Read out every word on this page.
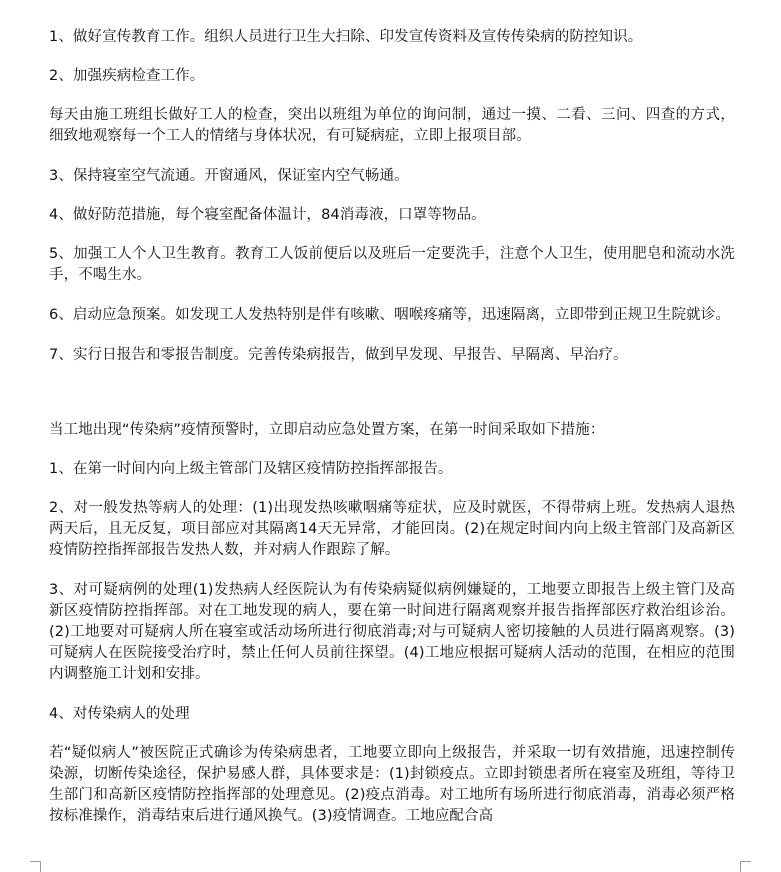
1、做好宣传教育工作。组织人员进行卫生大扫除、印发宣传资料及宣传传染病的防控知识。

2、加强疾病检查工作。

每天由施工班组长做好工人的检查，突出以班组为单位的询问制，通过一摸、二看、三问、四查的方式，细致地观察每一个工人的情绪与身体状况，有可疑病症，立即上报项目部。

3、保持寝室空气流通。开窗通风，保证室内空气畅通。

4、做好防范措施，每个寝室配备体温计，84消毒液，口罩等物品。

5、加强工人个人卫生教育。教育工人饭前便后以及班后一定要洗手，注意个人卫生，使用肥皂和流动水洗手，不喝生水。

6、启动应急预案。如发现工人发热特别是伴有咳嗽、咽喉疼痛等，迅速隔离，立即带到正规卫生院就诊。

7、实行日报告和零报告制度。完善传染病报告，做到早发现、早报告、早隔离、早治疗。

当工地出现“传染病”疫情预警时，立即启动应急处置方案，在第一时间采取如下措施：

1、在第一时间内向上级主管部门及辖区疫情防控指挥部报告。

2、对一般发热等病人的处理：(1)出现发热咳嗽咽痛等症状，应及时就医，不得带病上班。发热病人退热两天后，且无反复，项目部应对其隔离14天无异常，才能回岗。(2)在规定时间内向上级主管部门及高新区疫情防控指挥部报告发热人数，并对病人作跟踪了解。

3、对可疑病例的处理(1)发热病人经医院认为有传染病疑似病例嫌疑的，工地要立即报告上级主管门及高新区疫情防控指挥部。对在工地发现的病人，要在第一时间进行隔离观察并报告指挥部医疗救治组诊治。(2)工地要对可疑病人所在寝室或活动场所进行彻底消毒;对与可疑病人密切接触的人员进行隔离观察。(3)可疑病人在医院接受治疗时，禁止任何人员前往探望。(4)工地应根据可疑病人活动的范围，在相应的范围内调整施工计划和安排。

4、对传染病人的处理

若“疑似病人”被医院正式确诊为传染病患者，工地要立即向上级报告，并采取一切有效措施，迅速控制传染源，切断传染途径，保护易感人群，具体要求是：(1)封锁疫点。立即封锁患者所在寝室及班组，等待卫生部门和高新区疫情防控指挥部的处理意见。(2)疫点消毒。对工地所有场所进行彻底消毒，消毒必须严格按标准操作，消毒结束后进行通风换气。(3)疫情调查。工地应配合高
